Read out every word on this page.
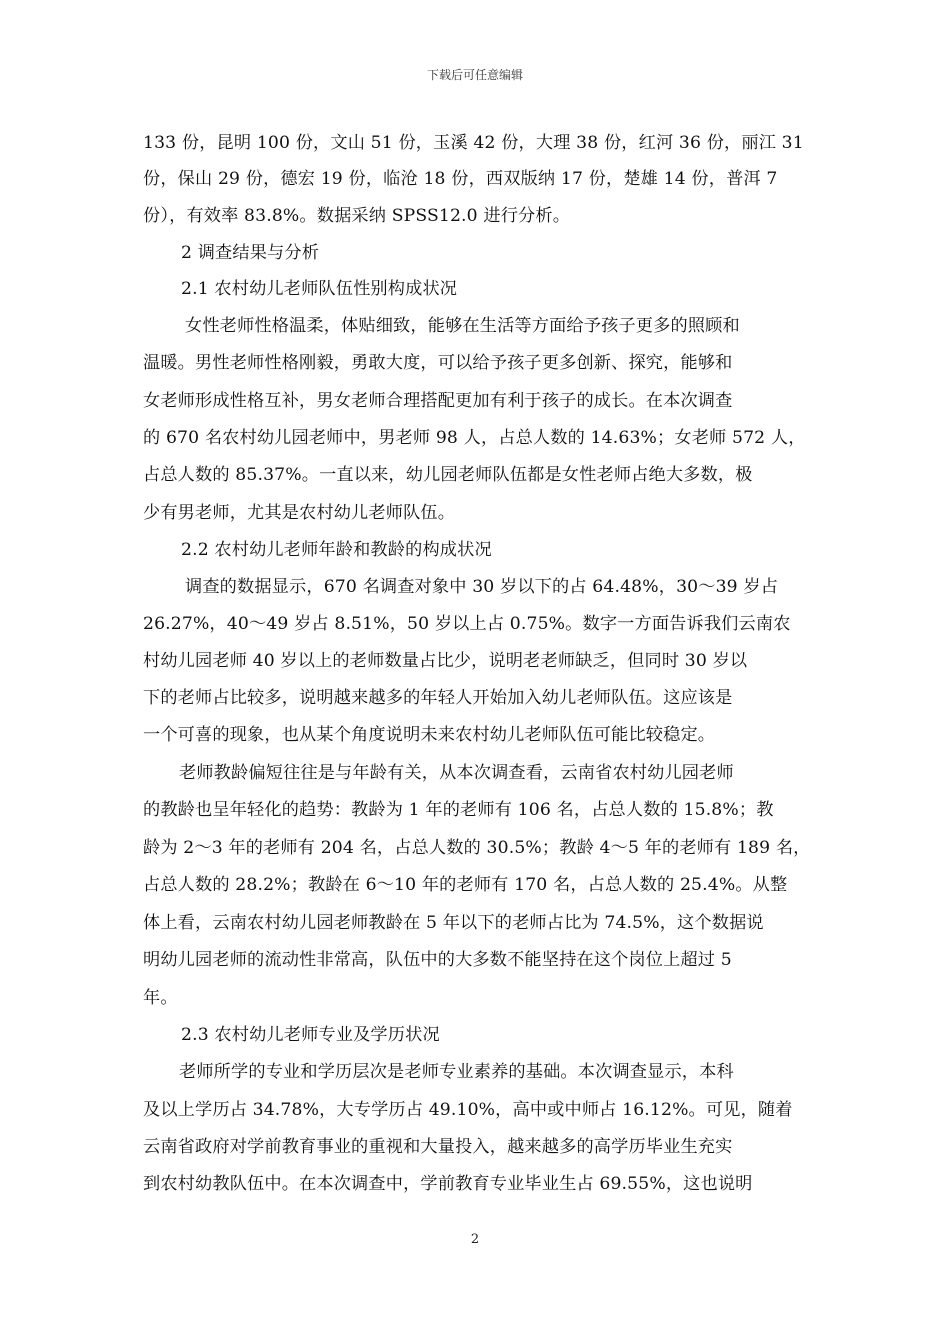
下载后可任意编辑
133 份，昆明 100 份，文山 51 份，玉溪 42 份，大理 38 份，红河 36 份，丽江 31
份，保山 29 份，德宏 19 份，临沧 18 份，西双版纳 17 份，楚雄 14 份，普洱 7
份），有效率 83.8%。数据采纳 SPSS12.0 进行分析。
2 调查结果与分析
2.1 农村幼儿老师队伍性别构成状况
女性老师性格温柔，体贴细致，能够在生活等方面给予孩子更多的照顾和
温暖。男性老师性格刚毅，勇敢大度，可以给予孩子更多创新、探究，能够和
女老师形成性格互补，男女老师合理搭配更加有利于孩子的成长。在本次调查
的 670 名农村幼儿园老师中，男老师 98 人，占总人数的 14.63%；女老师 572 人，
占总人数的 85.37%。一直以来，幼儿园老师队伍都是女性老师占绝大多数，极
少有男老师，尤其是农村幼儿老师队伍。
2.2 农村幼儿老师年龄和教龄的构成状况
调查的数据显示，670 名调查对象中 30 岁以下的占 64.48%，30～39 岁占
26.27%，40～49 岁占 8.51%，50 岁以上占 0.75%。数字一方面告诉我们云南农
村幼儿园老师 40 岁以上的老师数量占比少，说明老老师缺乏，但同时 30 岁以
下的老师占比较多，说明越来越多的年轻人开始加入幼儿老师队伍。这应该是
一个可喜的现象，也从某个角度说明未来农村幼儿老师队伍可能比较稳定。
老师教龄偏短往往是与年龄有关，从本次调查看，云南省农村幼儿园老师
的教龄也呈年轻化的趋势：教龄为 1 年的老师有 106 名，占总人数的 15.8%；教
龄为 2～3 年的老师有 204 名，占总人数的 30.5%；教龄 4～5 年的老师有 189 名，
占总人数的 28.2%；教龄在 6～10 年的老师有 170 名，占总人数的 25.4%。从整
体上看，云南农村幼儿园老师教龄在 5 年以下的老师占比为 74.5%，这个数据说
明幼儿园老师的流动性非常高，队伍中的大多数不能坚持在这个岗位上超过 5
年。
2.3 农村幼儿老师专业及学历状况
老师所学的专业和学历层次是老师专业素养的基础。本次调查显示，本科
及以上学历占 34.78%，大专学历占 49.10%，高中或中师占 16.12%。可见，随着
云南省政府对学前教育事业的重视和大量投入，越来越多的高学历毕业生充实
到农村幼教队伍中。在本次调查中，学前教育专业毕业生占 69.55%，这也说明
2
